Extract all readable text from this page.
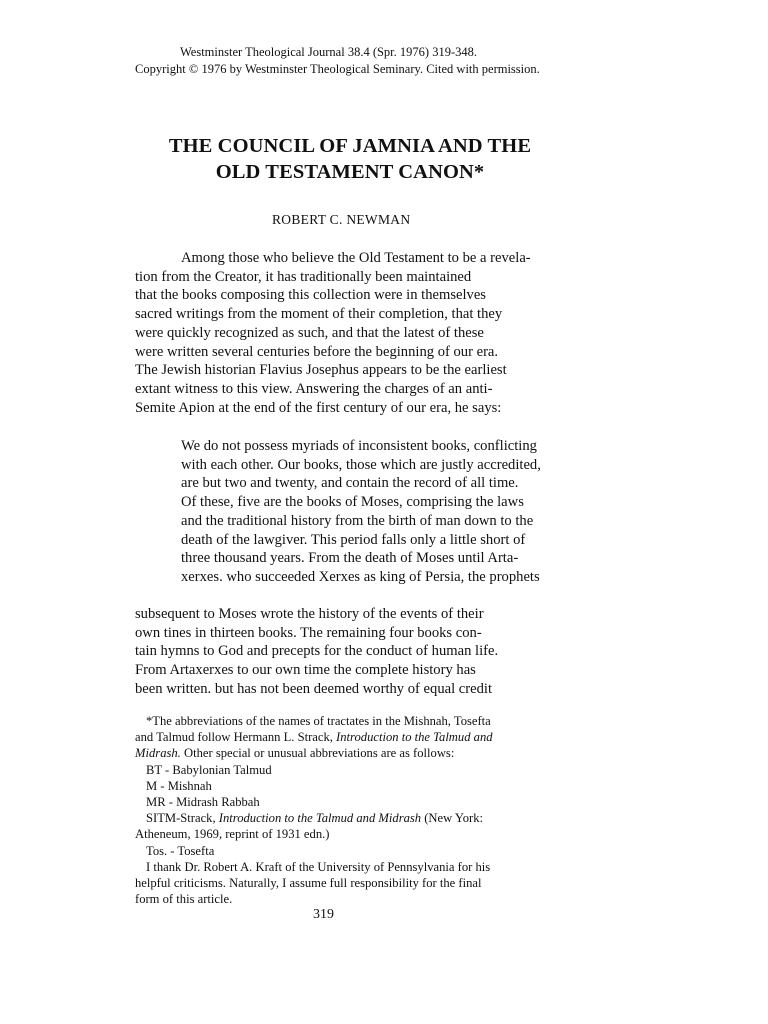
Westminster Theological Journal 38.4 (Spr. 1976) 319-348.
Copyright © 1976 by Westminster Theological Seminary. Cited with permission.
THE COUNCIL OF JAMNIA AND THE
OLD TESTAMENT CANON*
ROBERT C. NEWMAN
Among those who believe the Old Testament to be a revela-
tion from the Creator, it has traditionally been maintained
that the books composing this collection were in themselves
sacred writings from the moment of their completion, that they
were quickly recognized as such, and that the latest of these
were written several centuries before the beginning of our era.
The Jewish historian Flavius Josephus appears to be the earliest
extant witness to this view. Answering the charges of an anti-
Semite Apion at the end of the first century of our era, he says:
We do not possess myriads of inconsistent books, conflicting
with each other. Our books, those which are justly accredited,
are but two and twenty, and contain the record of all time.
Of these, five are the books of Moses, comprising the laws
and the traditional history from the birth of man down to the
death of the lawgiver. This period falls only a little short of
three thousand years. From the death of Moses until Arta-
xerxes. who succeeded Xerxes as king of Persia, the prophets
subsequent to Moses wrote the history of the events of their
own tines in thirteen books. The remaining four books con-
tain hymns to God and precepts for the conduct of human life.
From Artaxerxes to our own time the complete history has
been written. but has not been deemed worthy of equal credit
*The abbreviations of the names of tractates in the Mishnah, Tosefta
and Talmud follow Hermann L. Strack, Introduction to the Talmud and
Midrash. Other special or unusual abbreviations are as follows:
BT - Babylonian Talmud
M - Mishnah
MR - Midrash Rabbah
SITM-Strack, Introduction to the Talmud and Midrash (New York:
Atheneum, 1969, reprint of 1931 edn.)
Tos. - Tosefta
I thank Dr. Robert A. Kraft of the University of Pennsylvania for his
helpful criticisms. Naturally, I assume full responsibility for the final
form of this article.
319
